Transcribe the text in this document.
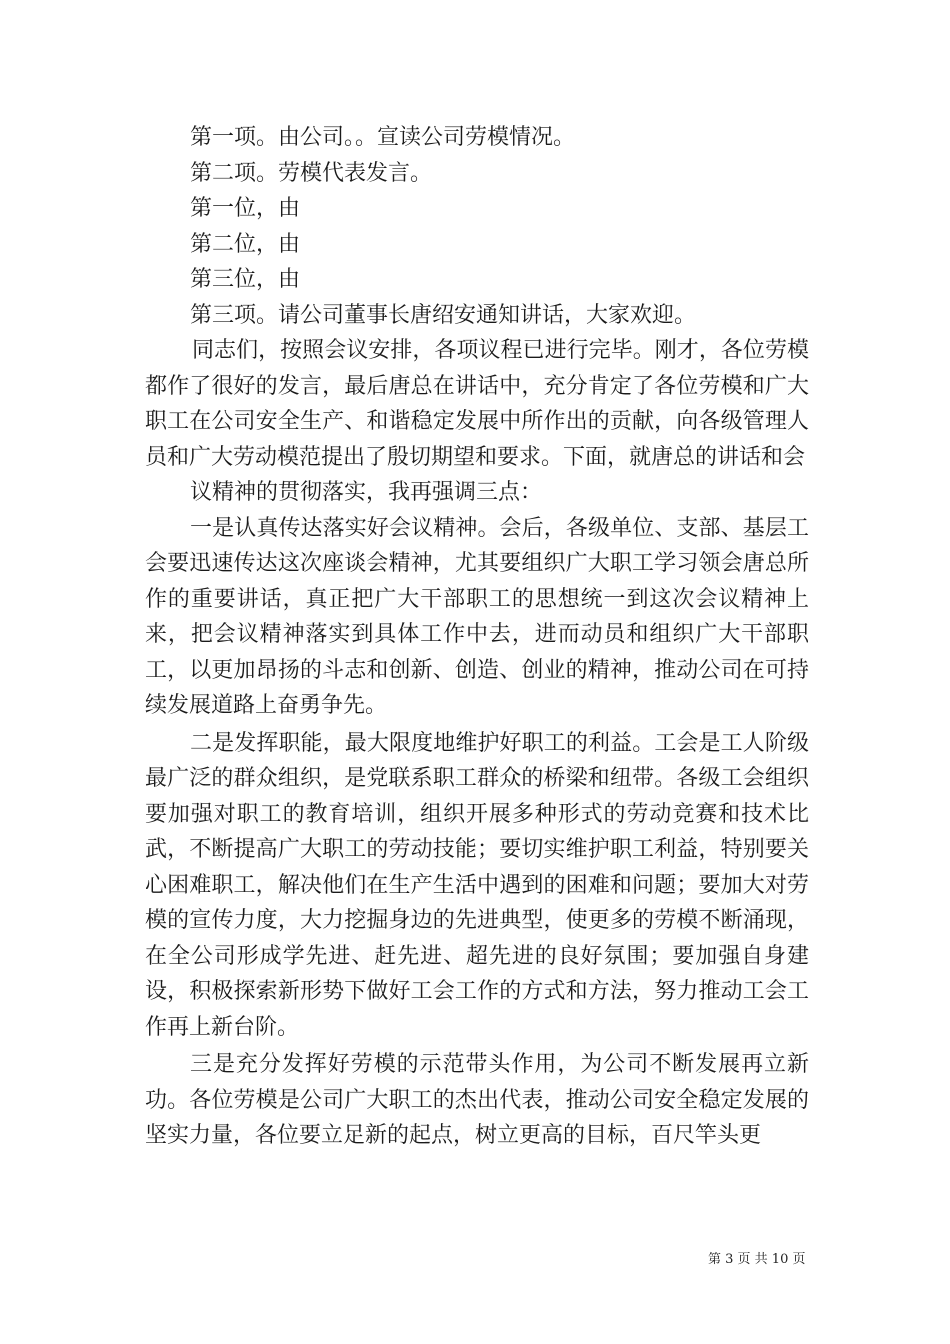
第一项。由公司。。宣读公司劳模情况。
第二项。劳模代表发言。
第一位，由
第二位，由
第三位，由
第三项。请公司董事长唐绍安通知讲话，大家欢迎。
同志们，按照会议安排，各项议程已进行完毕。刚才，各位劳模都作了很好的发言，最后唐总在讲话中，充分肯定了各位劳模和广大职工在公司安全生产、和谐稳定发展中所作出的贡献，向各级管理人员和广大劳动模范提出了殷切期望和要求。下面，就唐总的讲话和会
议精神的贯彻落实，我再强调三点：
一是认真传达落实好会议精神。会后，各级单位、支部、基层工会要迅速传达这次座谈会精神，尤其要组织广大职工学习领会唐总所作的重要讲话，真正把广大干部职工的思想统一到这次会议精神上来，把会议精神落实到具体工作中去，进而动员和组织广大干部职工，以更加昂扬的斗志和创新、创造、创业的精神，推动公司在可持续发展道路上奋勇争先。
二是发挥职能，最大限度地维护好职工的利益。工会是工人阶级最广泛的群众组织，是党联系职工群众的桥梁和纽带。各级工会组织要加强对职工的教育培训，组织开展多种形式的劳动竞赛和技术比武，不断提高广大职工的劳动技能；要切实维护职工利益，特别要关心困难职工，解决他们在生产生活中遇到的困难和问题；要加大对劳模的宣传力度，大力挖掘身边的先进典型，使更多的劳模不断涌现，在全公司形成学先进、赶先进、超先进的良好氛围；要加强自身建设，积极探索新形势下做好工会工作的方式和方法，努力推动工会工作再上新台阶。
三是充分发挥好劳模的示范带头作用，为公司不断发展再立新功。各位劳模是公司广大职工的杰出代表，推动公司安全稳定发展的坚实力量，各位要立足新的起点，树立更高的目标，百尺竿头更
第 3 页 共 10 页
